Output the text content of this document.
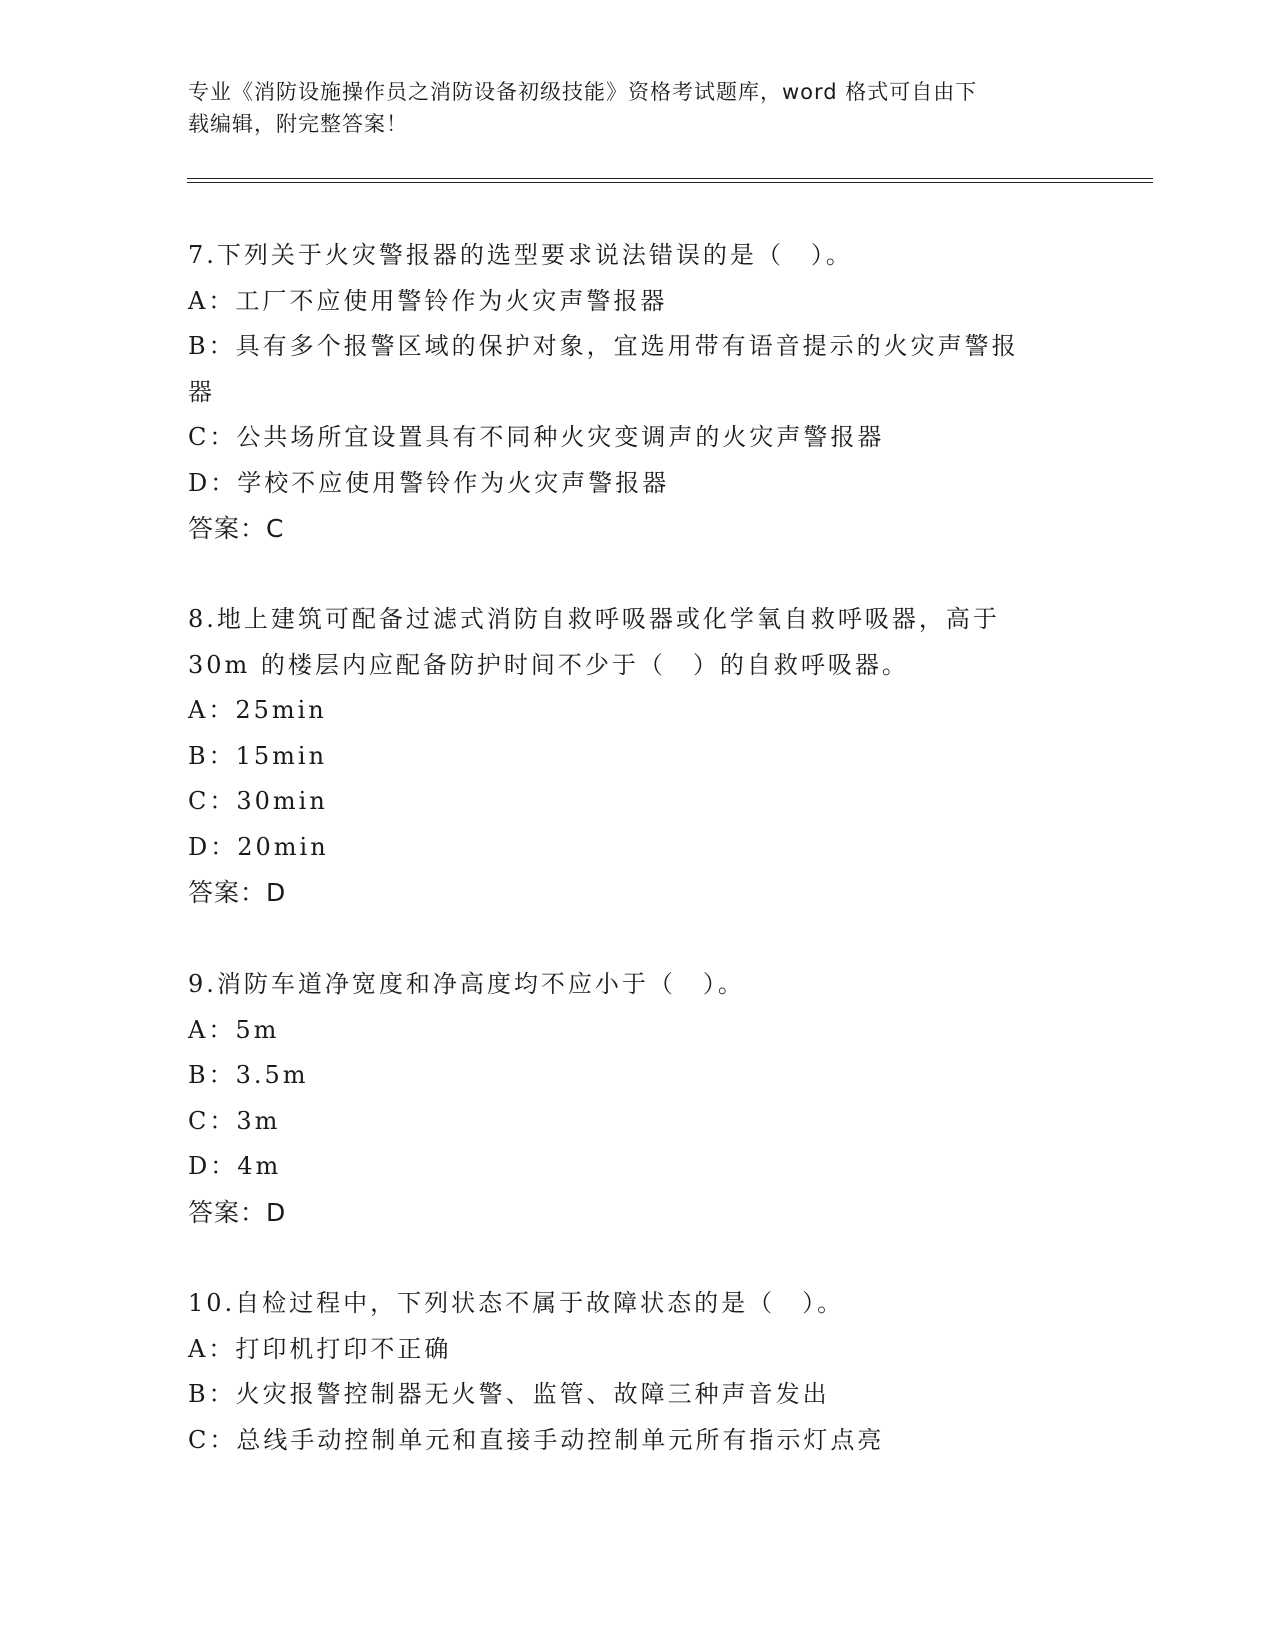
专业《消防设施操作员之消防设备初级技能》资格考试题库，word 格式可自由下
载编辑，附完整答案！
7.下列关于火灾警报器的选型要求说法错误的是（　）。
A：工厂不应使用警铃作为火灾声警报器
B：具有多个报警区域的保护对象，宜选用带有语音提示的火灾声警报
器
C：公共场所宜设置具有不同种火灾变调声的火灾声警报器
D：学校不应使用警铃作为火灾声警报器
答案：C
8.地上建筑可配备过滤式消防自救呼吸器或化学氧自救呼吸器，高于
30m 的楼层内应配备防护时间不少于（　）的自救呼吸器。
A：25min
B：15min
C：30min
D：20min
答案：D
9.消防车道净宽度和净高度均不应小于（　）。
A：5m
B：3.5m
C：3m
D：4m
答案：D
10.自检过程中，下列状态不属于故障状态的是（　）。
A：打印机打印不正确
B：火灾报警控制器无火警、监管、故障三种声音发出
C：总线手动控制单元和直接手动控制单元所有指示灯点亮
